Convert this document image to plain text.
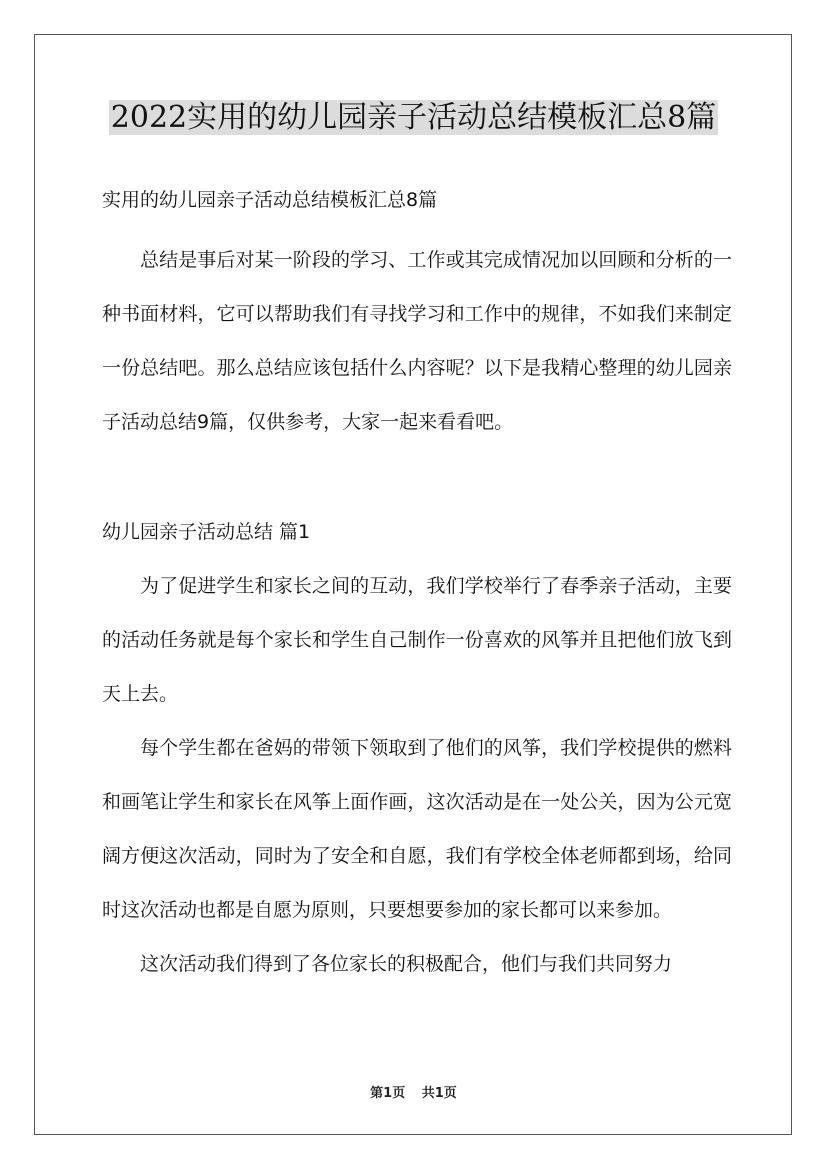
2022实用的幼儿园亲子活动总结模板汇总8篇

实用的幼儿园亲子活动总结模板汇总8篇

总结是事后对某一阶段的学习、工作或其完成情况加以回顾和分析的一种书面材料，它可以帮助我们有寻找学习和工作中的规律，不如我们来制定一份总结吧。那么总结应该包括什么内容呢？以下是我精心整理的幼儿园亲子活动总结9篇，仅供参考，大家一起来看看吧。

幼儿园亲子活动总结 篇1

为了促进学生和家长之间的互动，我们学校举行了春季亲子活动，主要的活动任务就是每个家长和学生自己制作一份喜欢的风筝并且把他们放飞到天上去。

每个学生都在爸妈的带领下领取到了他们的风筝，我们学校提供的燃料和画笔让学生和家长在风筝上面作画，这次活动是在一处公关，因为公元宽阔方便这次活动，同时为了安全和自愿，我们有学校全体老师都到场，给同时这次活动也都是自愿为原则，只要想要参加的家长都可以来参加。

这次活动我们得到了各位家长的积极配合，他们与我们共同努力

第1页 共1页
